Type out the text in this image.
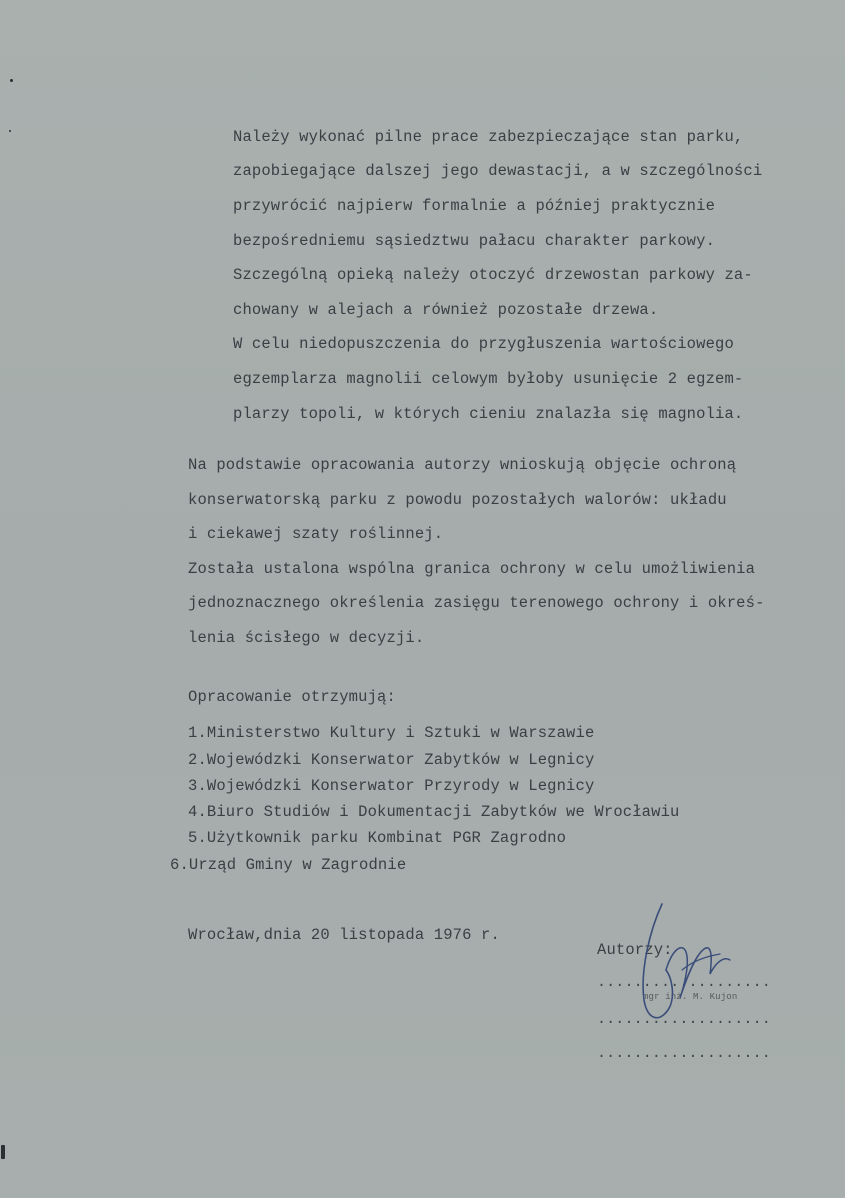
Należy wykonać pilne prace zabezpieczające stan parku,
zapobiegające dalszej jego dewastacji, a w szczególności
przywrócić najpierw formalnie a później praktycznie
bezpośredniemu sąsiedztwu pałacu charakter parkowy.
Szczególną opieką należy otoczyć drzewostan parkowy za-
chowany w alejach a również pozostałe drzewa.
W celu niedopuszczenia do przygłuszenia wartościowego
egzemplarza magnolii celowym byłoby usunięcie 2 egzem-
plarzy topoli, w których cieniu znalazła się magnolia.
Na podstawie opracowania autorzy wnioskują objęcie ochroną
konserwatorską parku z powodu pozostałych walorów: układu
i ciekawej szaty roślinnej.
Została ustalona wspólna granica ochrony w celu umożliwienia
jednoznacznego określenia zasięgu terenowego ochrony i okreś-
lenia ścisłego w decyzji.
Opracowanie otrzymują:
1.Ministerstwo Kultury i Sztuki w Warszawie
2.Wojewódzki Konserwator Zabytków w Legnicy
3.Wojewódzki Konserwator Przyrody w Legnicy
4.Biuro Studiów i Dokumentacji Zabytków we Wrocławiu
5.Użytkownik parku Kombinat PGR Zagrodno
6.Urząd Gminy w Zagrodnie
Wrocław,dnia 20 listopada 1976 r.
Autorzy:
...................
mgr inż. M. Kujon
...................
...................
